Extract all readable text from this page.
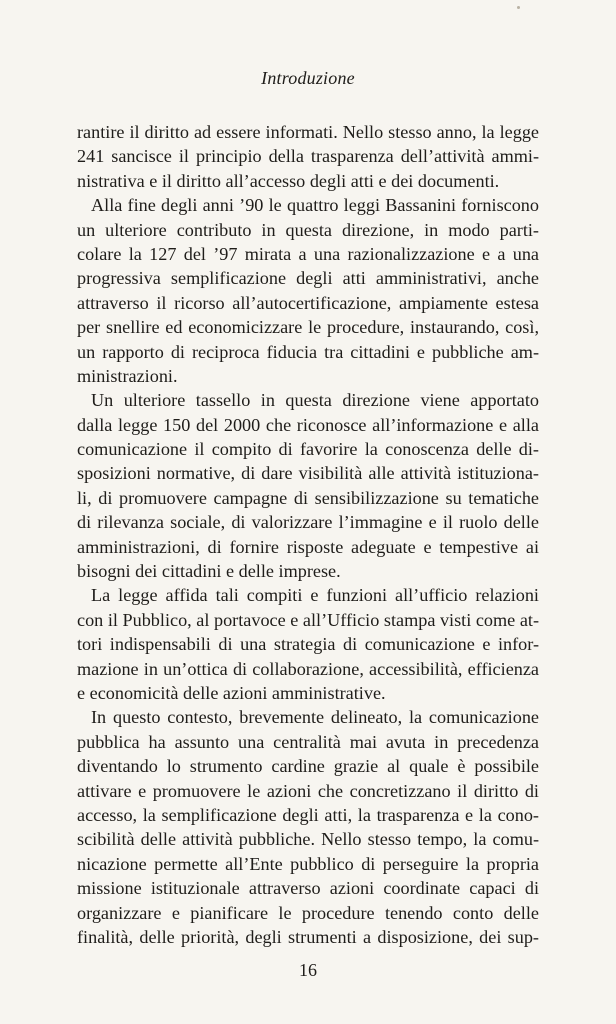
Introduzione
rantire il diritto ad essere informati. Nello stesso anno, la legge
241 sancisce il principio della trasparenza dell’attività ammi-
nistrativa e il diritto all’accesso degli atti e dei documenti.
Alla fine degli anni ’90 le quattro leggi Bassanini forniscono
un ulteriore contributo in questa direzione, in modo parti-
colare la 127 del ’97 mirata a una razionalizzazione e a una
progressiva semplificazione degli atti amministrativi, anche
attraverso il ricorso all’autocertificazione, ampiamente estesa
per snellire ed economicizzare le procedure, instaurando, così,
un rapporto di reciproca fiducia tra cittadini e pubbliche am-
ministrazioni.
Un ulteriore tassello in questa direzione viene apportato
dalla legge 150 del 2000 che riconosce all’informazione e alla
comunicazione il compito di favorire la conoscenza delle di-
sposizioni normative, di dare visibilità alle attività istituziona-
li, di promuovere campagne di sensibilizzazione su tematiche
di rilevanza sociale, di valorizzare l’immagine e il ruolo delle
amministrazioni, di fornire risposte adeguate e tempestive ai
bisogni dei cittadini e delle imprese.
La legge affida tali compiti e funzioni all’ufficio relazioni
con il Pubblico, al portavoce e all’Ufficio stampa visti come at-
tori indispensabili di una strategia di comunicazione e infor-
mazione in un’ottica di collaborazione, accessibilità, efficienza
e economicità delle azioni amministrative.
In questo contesto, brevemente delineato, la comunicazione
pubblica ha assunto una centralità mai avuta in precedenza
diventando lo strumento cardine grazie al quale è possibile
attivare e promuovere le azioni che concretizzano il diritto di
accesso, la semplificazione degli atti, la trasparenza e la cono-
scibilità delle attività pubbliche. Nello stesso tempo, la comu-
nicazione permette all’Ente pubblico di perseguire la propria
missione istituzionale attraverso azioni coordinate capaci di
organizzare e pianificare le procedure tenendo conto delle
finalità, delle priorità, degli strumenti a disposizione, dei sup-
16
